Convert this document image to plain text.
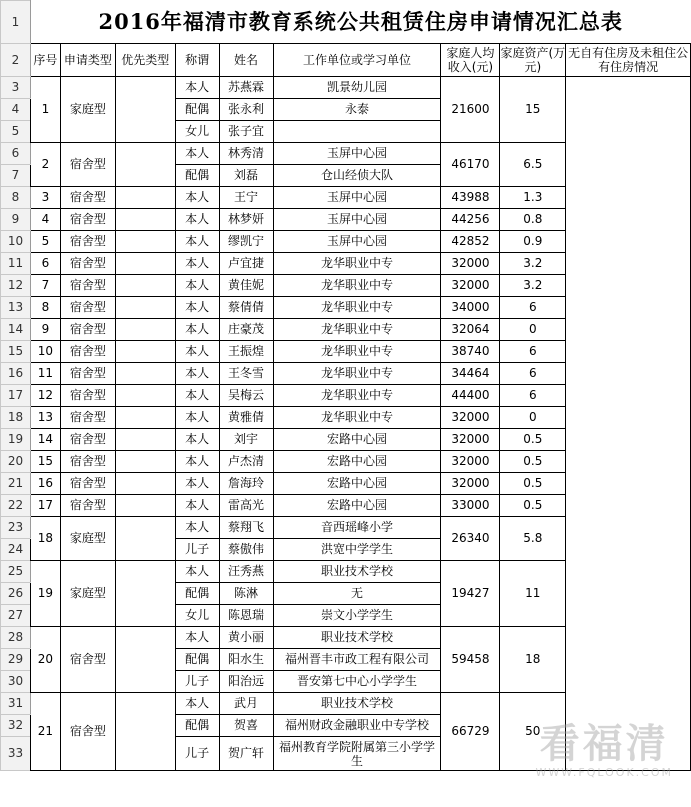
1	2016年福清市教育系统公共租赁住房申请情况汇总表								
2	序号	申请类型	优先类型	称谓	姓名	工作单位或学习单位	家庭人均收入(元)	家庭资产(万元)	无自有住房及未租住公有住房情况
3	1	家庭型		本人	苏燕霖	凯景幼儿园	21600	15	
4				配偶	张永利	永泰			
5				女儿	张子宜				
6	2	宿舍型		本人	林秀清	玉屏中心园	46170	6.5	
7				配偶	刘磊	仓山经侦大队			
8	3	宿舍型		本人	王宁	玉屏中心园	43988	1.3	
9	4	宿舍型		本人	林梦妍	玉屏中心园	44256	0.8	
10	5	宿舍型		本人	缪凯宁	玉屏中心园	42852	0.9	
11	6	宿舍型		本人	卢宜捷	龙华职业中专	32000	3.2	
12	7	宿舍型		本人	黄佳妮	龙华职业中专	32000	3.2	
13	8	宿舍型		本人	蔡倩倩	龙华职业中专	34000	6	
14	9	宿舍型		本人	庄豪茂	龙华职业中专	32064	0	
15	10	宿舍型		本人	王振煌	龙华职业中专	38740	6	
16	11	宿舍型		本人	王冬雪	龙华职业中专	34464	6	
17	12	宿舍型		本人	吴梅云	龙华职业中专	44400	6	
18	13	宿舍型		本人	黄雅倩	龙华职业中专	32000	0	
19	14	宿舍型		本人	刘宇	宏路中心园	32000	0.5	
20	15	宿舍型		本人	卢杰清	宏路中心园	32000	0.5	
21	16	宿舍型		本人	詹海玲	宏路中心园	32000	0.5	
22	17	宿舍型		本人	雷高光	宏路中心园	33000	0.5	
23	18	家庭型		本人	蔡翔飞	音西瑶峰小学	26340	5.8	
24				儿子	蔡傲伟	洪宽中学学生			
25	19	家庭型		本人	汪秀燕	职业技术学校	19427	11	
26				配偶	陈淋	无			
27				女儿	陈恩瑞	崇文小学学生			
28	20	宿舍型		本人	黄小丽	职业技术学校	59458	18	
29				配偶	阳水生	福州晋丰市政工程有限公司			
30				儿子	阳治远	晋安第七中心小学学生			
31	21	宿舍型		本人	武月	职业技术学校	66729	50	
32				配偶	贺喜	福州财政金融职业中专学校			
33				儿子	贺广轩	福州教育学院附属第三小学学生				看福清
WWW.FQLOOK.COM
